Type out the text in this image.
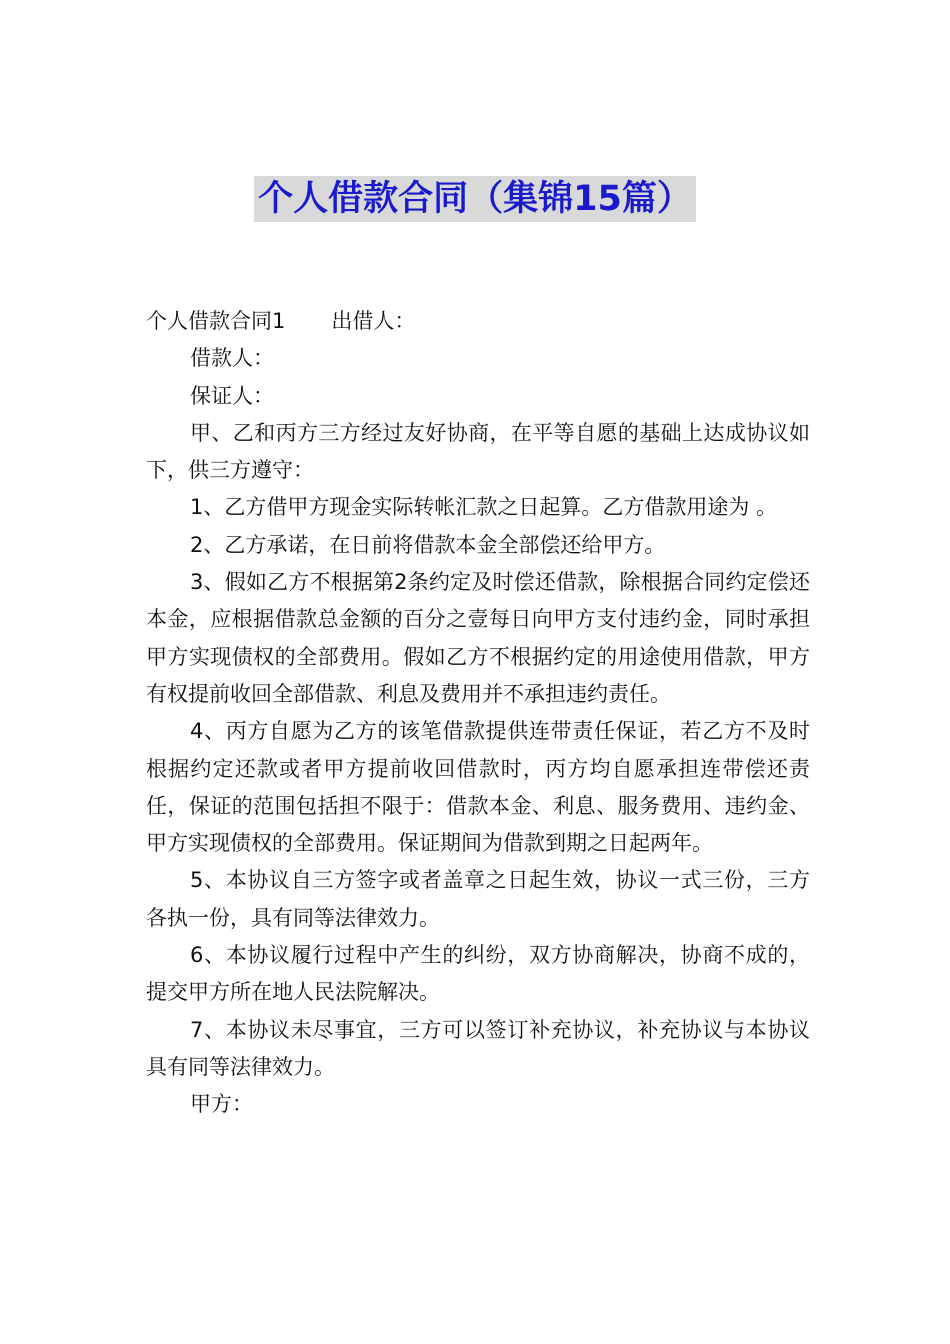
个人借款合同（集锦15篇）

个人借款合同1 出借人：

借款人：

保证人：

甲、乙和丙方三方经过友好协商，在平等自愿的基础上达成协议如下，供三方遵守：

1、乙方借甲方现金实际转帐汇款之日起算。乙方借款用途为 。

2、乙方承诺，在日前将借款本金全部偿还给甲方。

3、假如乙方不根据第2条约定及时偿还借款，除根据合同约定偿还本金，应根据借款总金额的百分之壹每日向甲方支付违约金，同时承担甲方实现债权的全部费用。假如乙方不根据约定的用途使用借款，甲方有权提前收回全部借款、利息及费用并不承担违约责任。

4、丙方自愿为乙方的该笔借款提供连带责任保证，若乙方不及时根据约定还款或者甲方提前收回借款时，丙方均自愿承担连带偿还责任，保证的范围包括担不限于：借款本金、利息、服务费用、违约金、甲方实现债权的全部费用。保证期间为借款到期之日起两年。

5、本协议自三方签字或者盖章之日起生效，协议一式三份，三方各执一份，具有同等法律效力。

6、本协议履行过程中产生的纠纷，双方协商解决，协商不成的，提交甲方所在地人民法院解决。

7、本协议未尽事宜，三方可以签订补充协议，补充协议与本协议具有同等法律效力。

甲方：
